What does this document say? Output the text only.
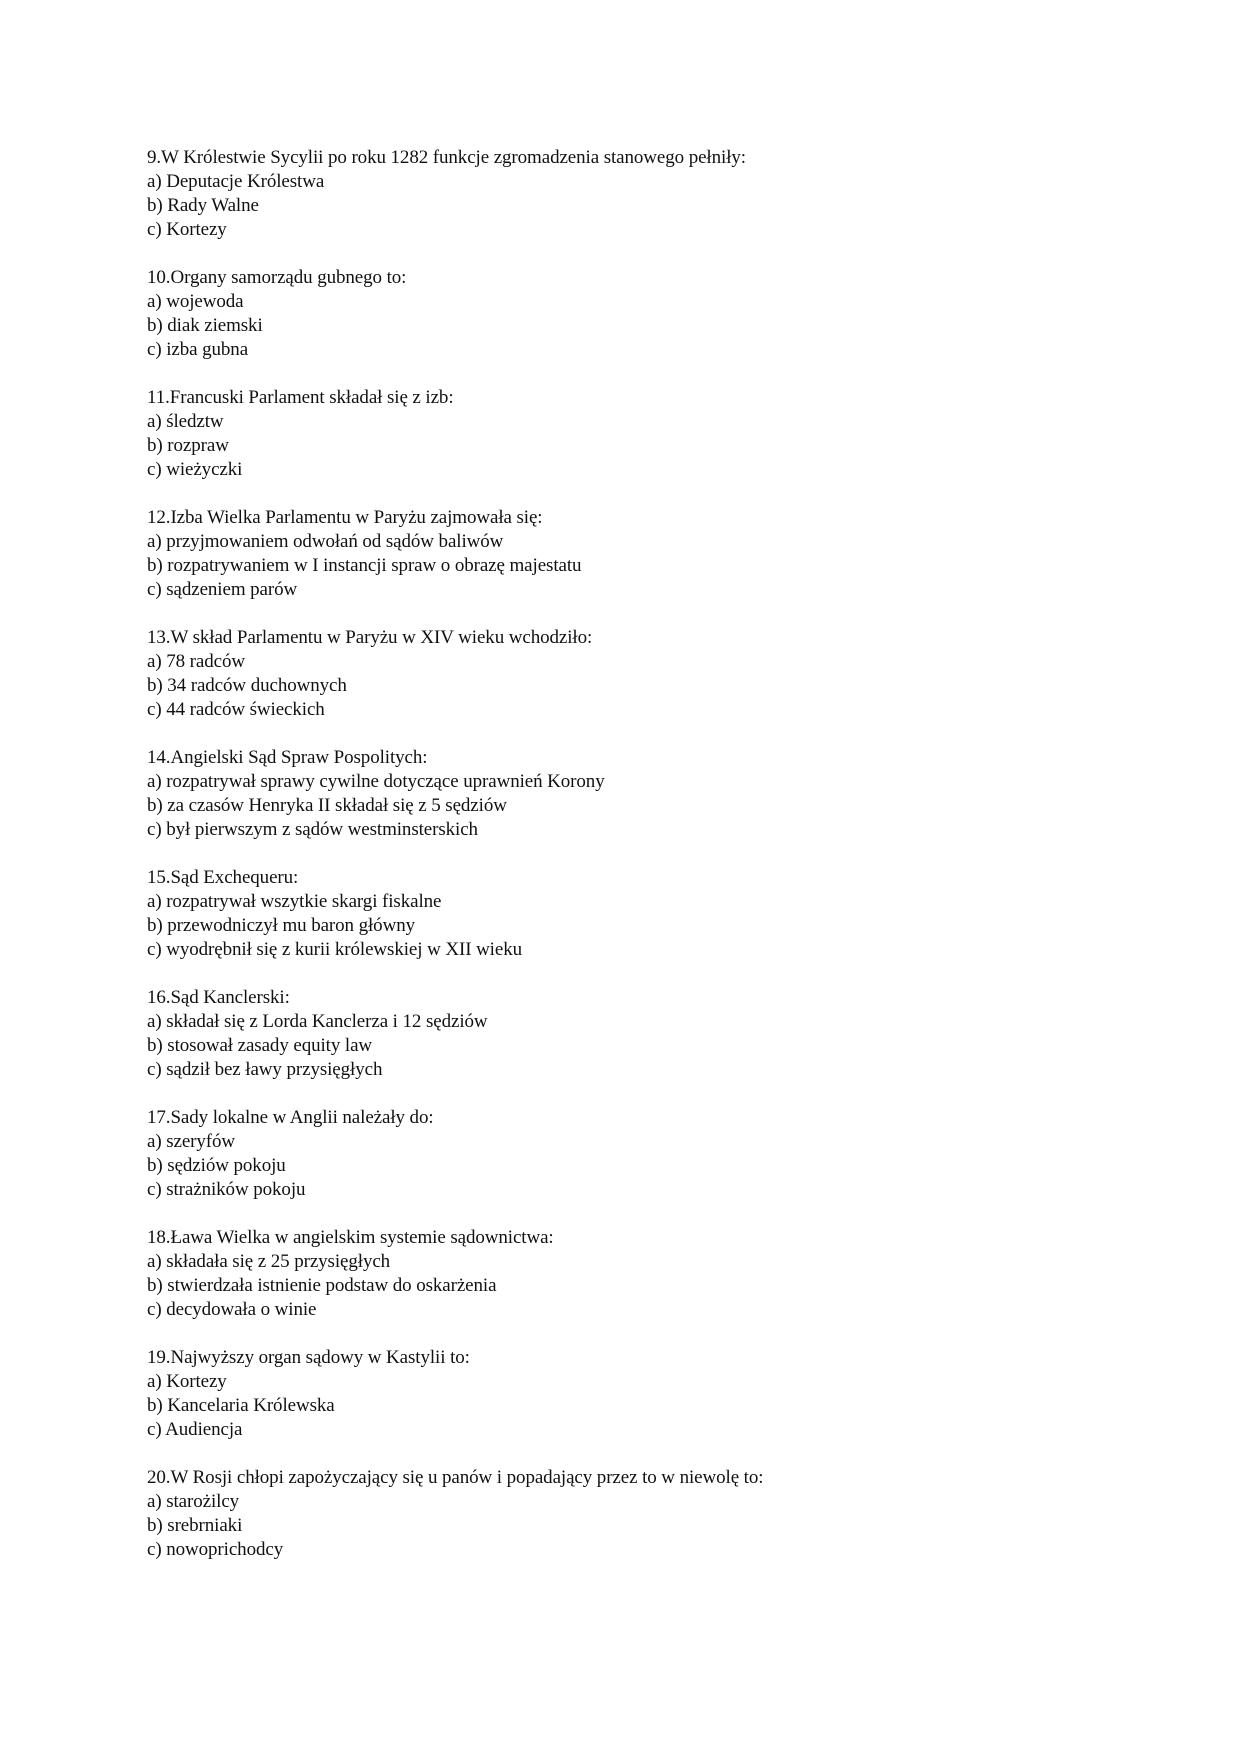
9.W Królestwie Sycylii po roku 1282 funkcje zgromadzenia stanowego pełniły:
a) Deputacje Królestwa
b) Rady Walne
c) Kortezy
10.Organy samorządu gubnego to:
a) wojewoda
b) diak ziemski
c) izba gubna
11.Francuski Parlament składał się z izb:
a) śledztw
b) rozpraw
c) wieżyczki
12.Izba Wielka Parlamentu w Paryżu zajmowała się:
a) przyjmowaniem odwołań od sądów baliwów
b) rozpatrywaniem w I instancji spraw o obrazę majestatu
c) sądzeniem parów
13.W skład Parlamentu w Paryżu w XIV wieku wchodziło:
a) 78 radców
b) 34 radców duchownych
c) 44 radców świeckich
14.Angielski Sąd Spraw Pospolitych:
a) rozpatrywał sprawy cywilne dotyczące uprawnień Korony
b) za czasów Henryka II składał się z 5 sędziów
c) był pierwszym z sądów westminsterskich
15.Sąd Exchequeru:
a) rozpatrywał wszytkie skargi fiskalne
b) przewodniczył mu baron główny
c) wyodrębnił się z kurii królewskiej w XII wieku
16.Sąd Kanclerski:
a) składał się z Lorda Kanclerza i 12 sędziów
b) stosował zasady equity law
c) sądził bez ławy przysięgłych
17.Sady lokalne w Anglii należały do:
a) szeryfów
b) sędziów pokoju
c) strażników pokoju
18.Ława Wielka w angielskim systemie sądownictwa:
a) składała się z 25 przysięgłych
b) stwierdzała istnienie podstaw do oskarżenia
c) decydowała o winie
19.Najwyższy organ sądowy w Kastylii to:
a) Kortezy
b) Kancelaria Królewska
c) Audiencja
20.W Rosji chłopi zapożyczający się u panów i popadający przez to w niewolę to:
a) starożilcy
b) srebrniaki
c) nowoprichodcy
